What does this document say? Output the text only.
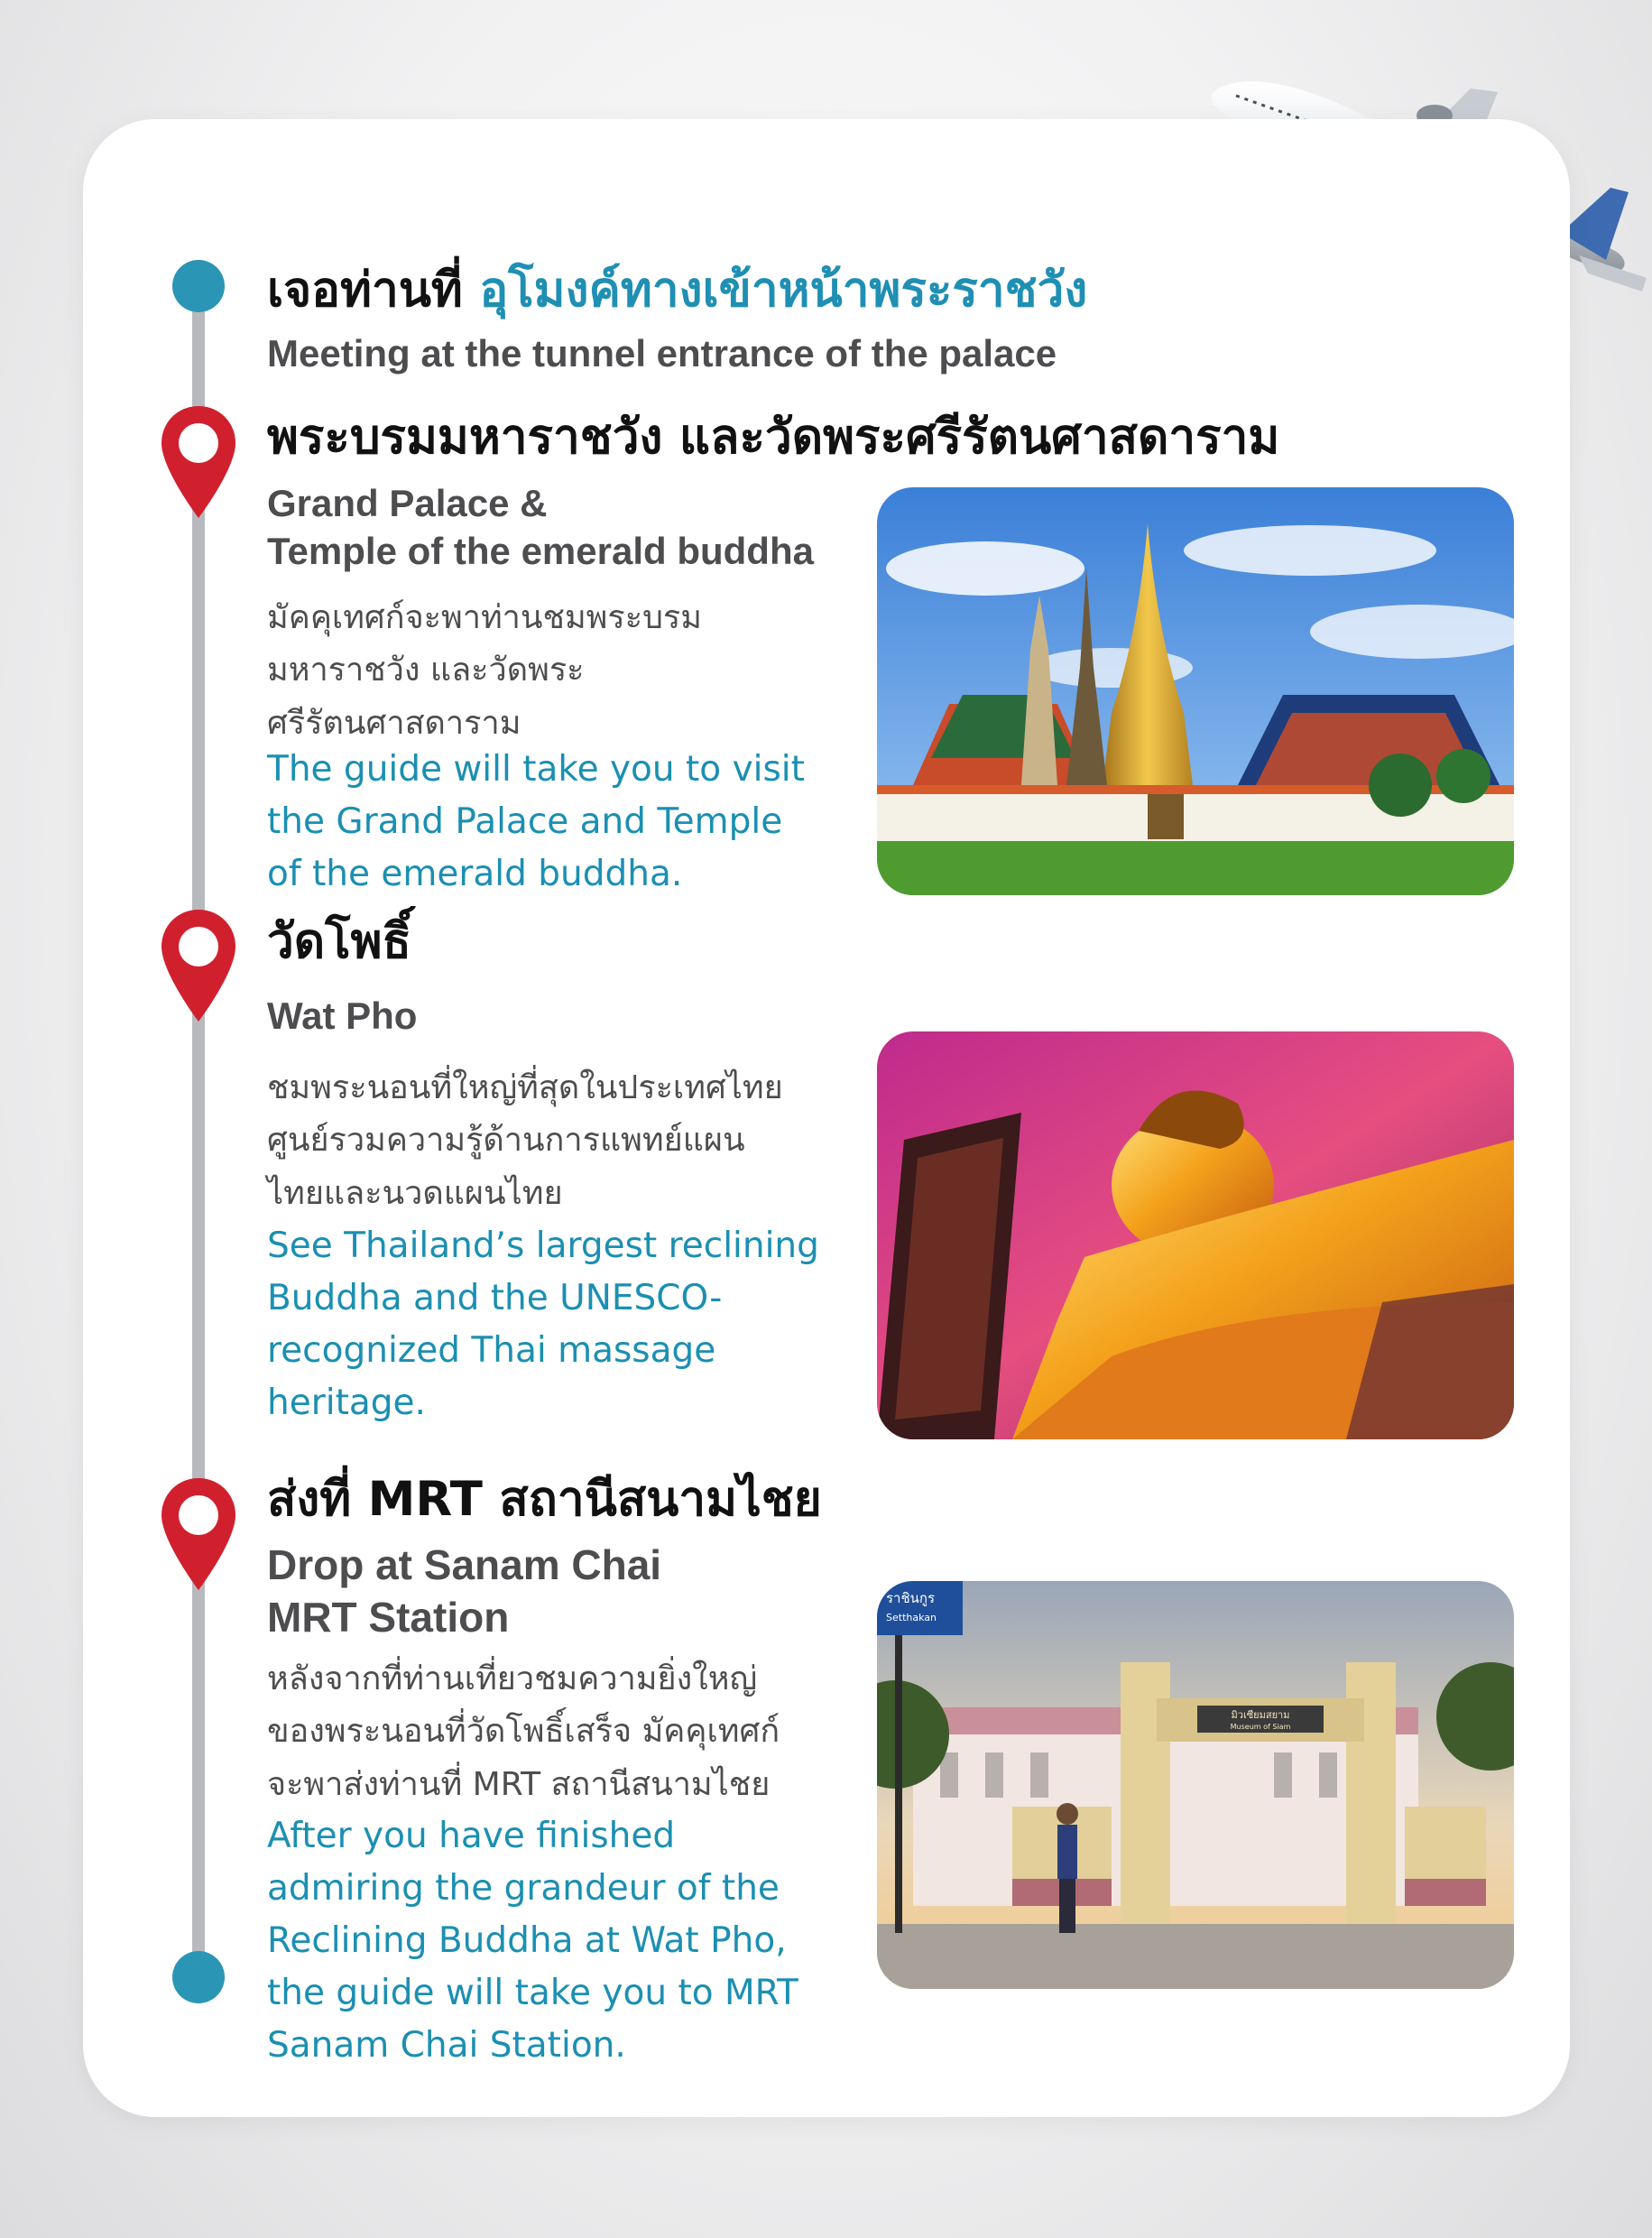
เจอท่านที่ อุโมงค์ทางเข้าหน้าพระราชวัง
Meeting at the tunnel entrance of the palace
พระบรมมหาราชวัง และวัดพระศรีรัตนศาสดาราม
Grand Palace &
Temple of the emerald buddha
มัคคุเทศก์จะพาท่านชมพระบรม
มหาราชวัง และวัดพระ
ศรีรัตนศาสดาราม
The guide will take you to visit
the Grand Palace and Temple
of the emerald buddha.
วัดโพธิ์
Wat Pho
ชมพระนอนที่ใหญ่ที่สุดในประเทศไทย
ศูนย์รวมความรู้ด้านการแพทย์แผน
ไทยและนวดแผนไทย
See Thailand’s largest reclining
Buddha and the UNESCO-
recognized Thai massage
heritage.
ส่งที่ MRT สถานีสนามไชย
Drop at Sanam Chai
MRT Station
หลังจากที่ท่านเที่ยวชมความยิ่งใหญ่
ของพระนอนที่วัดโพธิ์เสร็จ มัคคุเทศก์
จะพาส่งท่านที่ MRT สถานีสนามไชย
After you have finished
admiring the grandeur of the
Reclining Buddha at Wat Pho,
the guide will take you to MRT
Sanam Chai Station.
มิวเซียมสยาม
Museum of Siam
ราชินกูร
Setthakan
